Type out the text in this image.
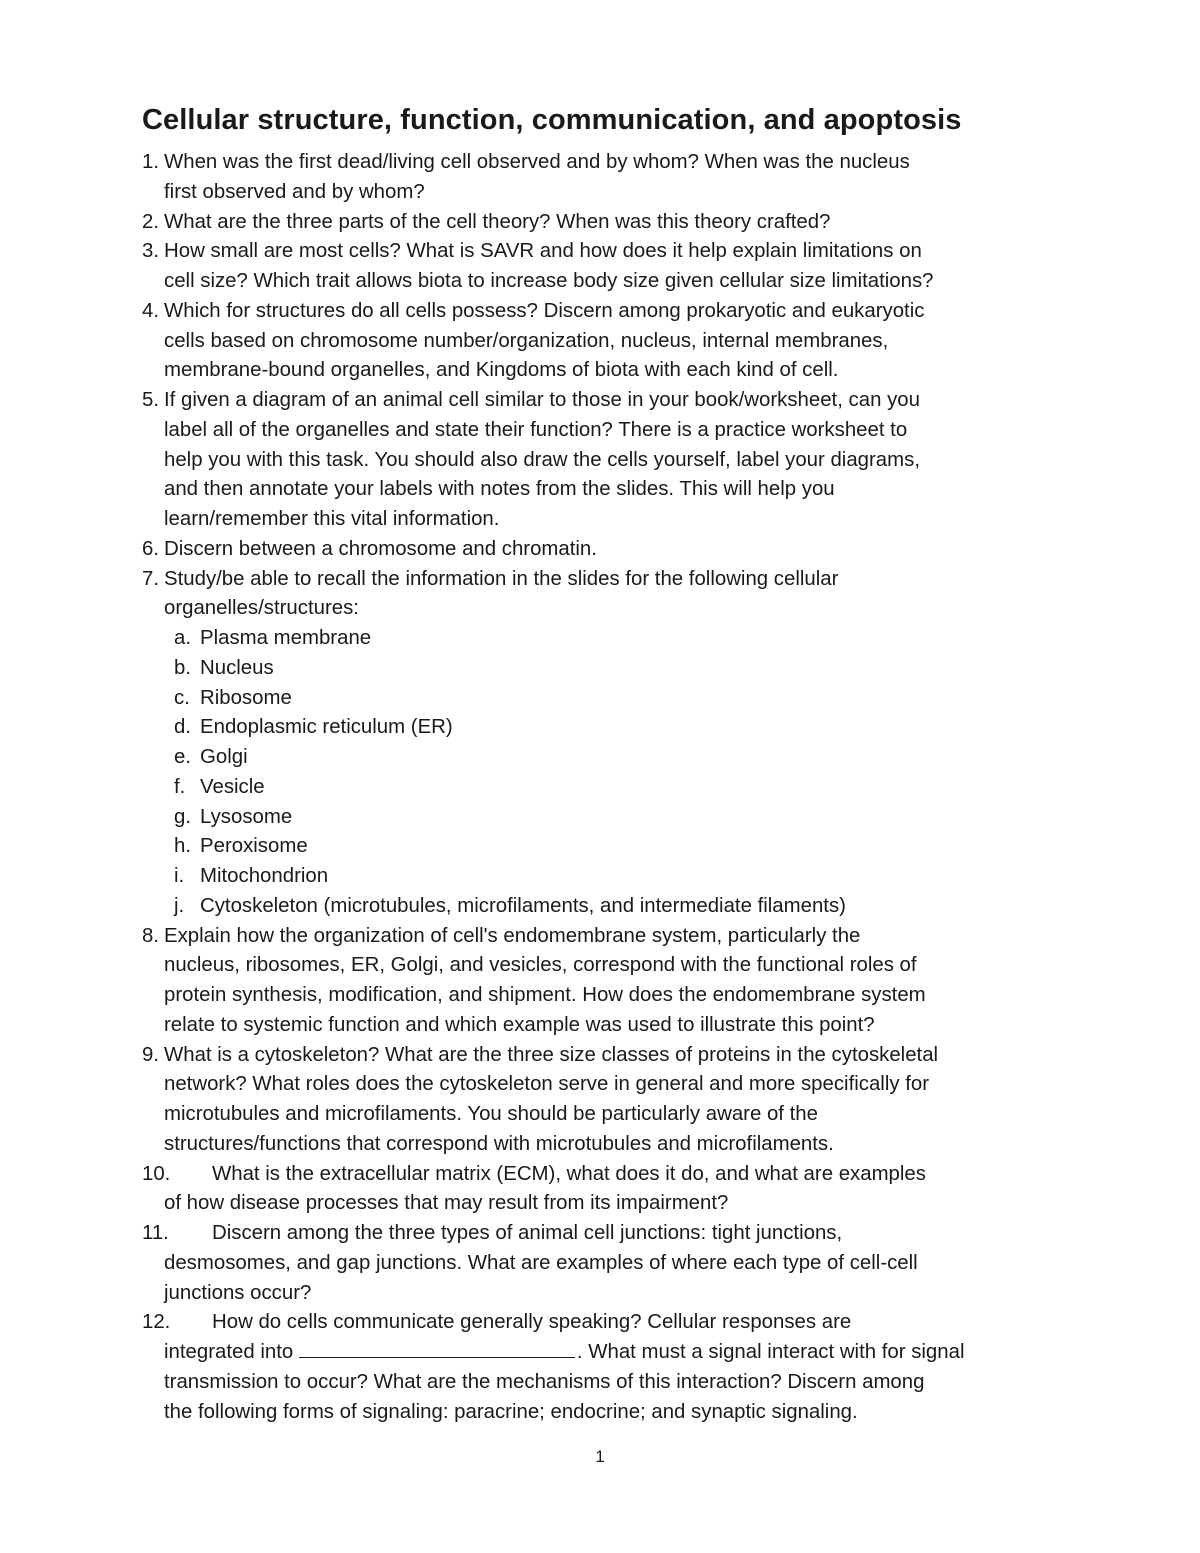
Cellular structure, function, communication, and apoptosis
1. When was the first dead/living cell observed and by whom? When was the nucleus

first observed and by whom?

2. What are the three parts of the cell theory? When was this theory crafted?

3. How small are most cells? What is SAVR and how does it help explain limitations on

cell size? Which trait allows biota to increase body size given cellular size limitations?

4. Which for structures do all cells possess? Discern among prokaryotic and eukaryotic

cells based on chromosome number/organization, nucleus, internal membranes,

membrane-bound organelles, and Kingdoms of biota with each kind of cell.

5. If given a diagram of an animal cell similar to those in your book/worksheet, can you

label all of the organelles and state their function? There is a practice worksheet to

help you with this task. You should also draw the cells yourself, label your diagrams,

and then annotate your labels with notes from the slides. This will help you

learn/remember this vital information.

6. Discern between a chromosome and chromatin.

7. Study/be able to recall the information in the slides for the following cellular

organelles/structures:

a. Plasma membrane

b. Nucleus

c. Ribosome

d. Endoplasmic reticulum (ER)

e. Golgi

f. Vesicle

g. Lysosome

h. Peroxisome

i. Mitochondrion

j. Cytoskeleton (microtubules, microfilaments, and intermediate filaments)

8. Explain how the organization of cell's endomembrane system, particularly the

nucleus, ribosomes, ER, Golgi, and vesicles, correspond with the functional roles of

protein synthesis, modification, and shipment. How does the endomembrane system

relate to systemic function and which example was used to illustrate this point?

9. What is a cytoskeleton? What are the three size classes of proteins in the cytoskeletal

network? What roles does the cytoskeleton serve in general and more specifically for

microtubules and microfilaments. You should be particularly aware of the

structures/functions that correspond with microtubules and microfilaments.

10.	What is the extracellular matrix (ECM), what does it do, and what are examples

of how disease processes that may result from its impairment?

11.	Discern among the three types of animal cell junctions: tight junctions,

desmosomes, and gap junctions. What are examples of where each type of cell-cell

junctions occur?

12.	How do cells communicate generally speaking? Cellular responses are

integrated into	. What must a signal interact with for signal

transmission to occur? What are the mechanisms of this interaction? Discern among

the following forms of signaling: paracrine; endocrine; and synaptic signaling.

1
